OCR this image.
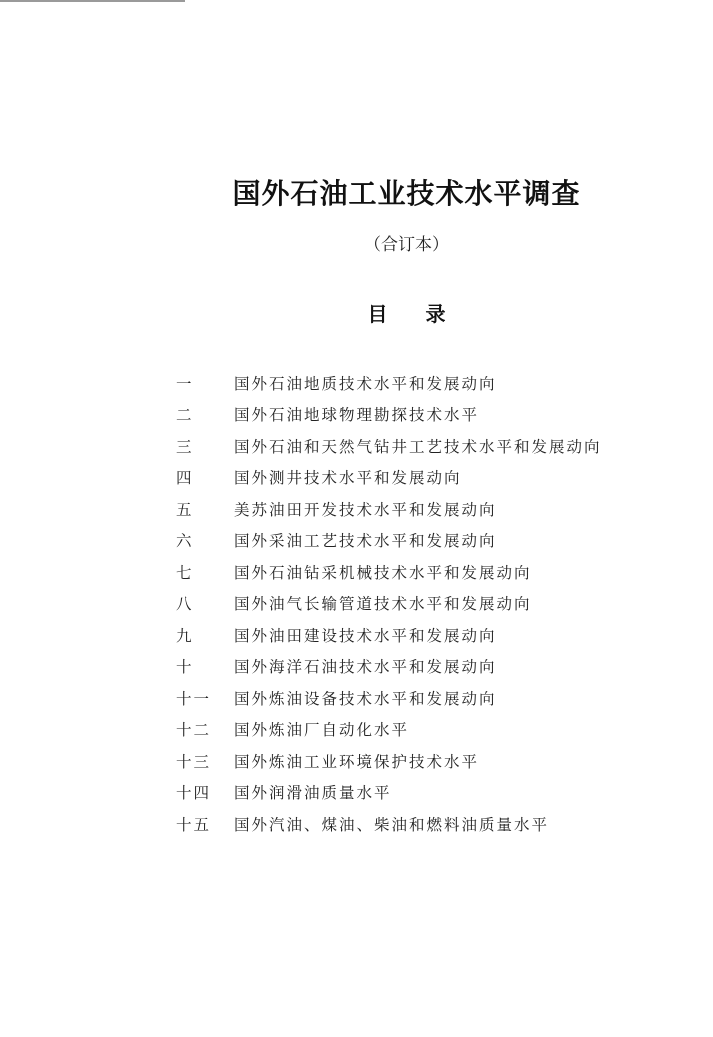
国外石油工业技术水平调查
（合订本）
目 录
一	国外石油地质技术水平和发展动向
二	国外石油地球物理勘探技术水平
三	国外石油和天然气钻井工艺技术水平和发展动向
四	国外测井技术水平和发展动向
五	美苏油田开发技术水平和发展动向
六	国外采油工艺技术水平和发展动向
七	国外石油钻采机械技术水平和发展动向
八	国外油气长输管道技术水平和发展动向
九	国外油田建设技术水平和发展动向
十	国外海洋石油技术水平和发展动向
十一	国外炼油设备技术水平和发展动向
十二	国外炼油厂自动化水平
十三	国外炼油工业环境保护技术水平
十四	国外润滑油质量水平
十五	国外汽油、煤油、柴油和燃料油质量水平
